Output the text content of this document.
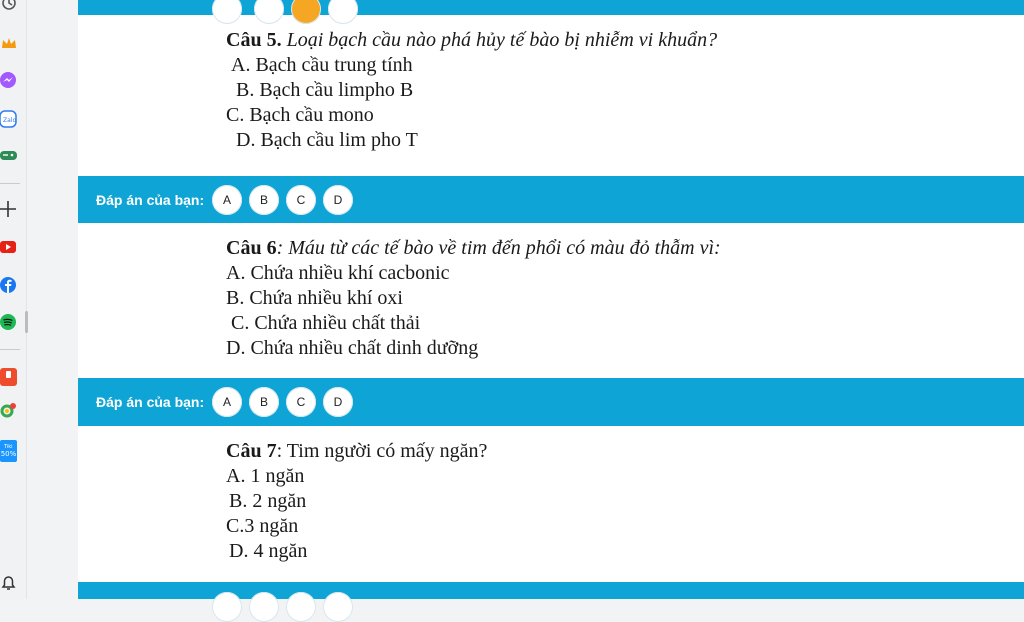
Zalo
Tiki
50%
Câu 5. Loại bạch cầu nào phá hủy tế bào bị nhiễm vi khuẩn?
A. Bạch cầu trung tính
B. Bạch cầu limpho B
C. Bạch cầu mono
D. Bạch cầu lim pho T
Đáp án của bạn:	A	B	C	D
Câu 6: Máu từ các tế bào về tim đến phổi có màu đỏ thẫm vì:
A. Chứa nhiều khí cacbonic
B. Chứa nhiều khí oxi
C. Chứa nhiều chất thải
D. Chứa nhiều chất dinh dưỡng
Đáp án của bạn:	A	B	C	D
Câu 7: Tim người có mấy ngăn?
A. 1 ngăn
B. 2 ngăn
C.3 ngăn
D. 4 ngăn
